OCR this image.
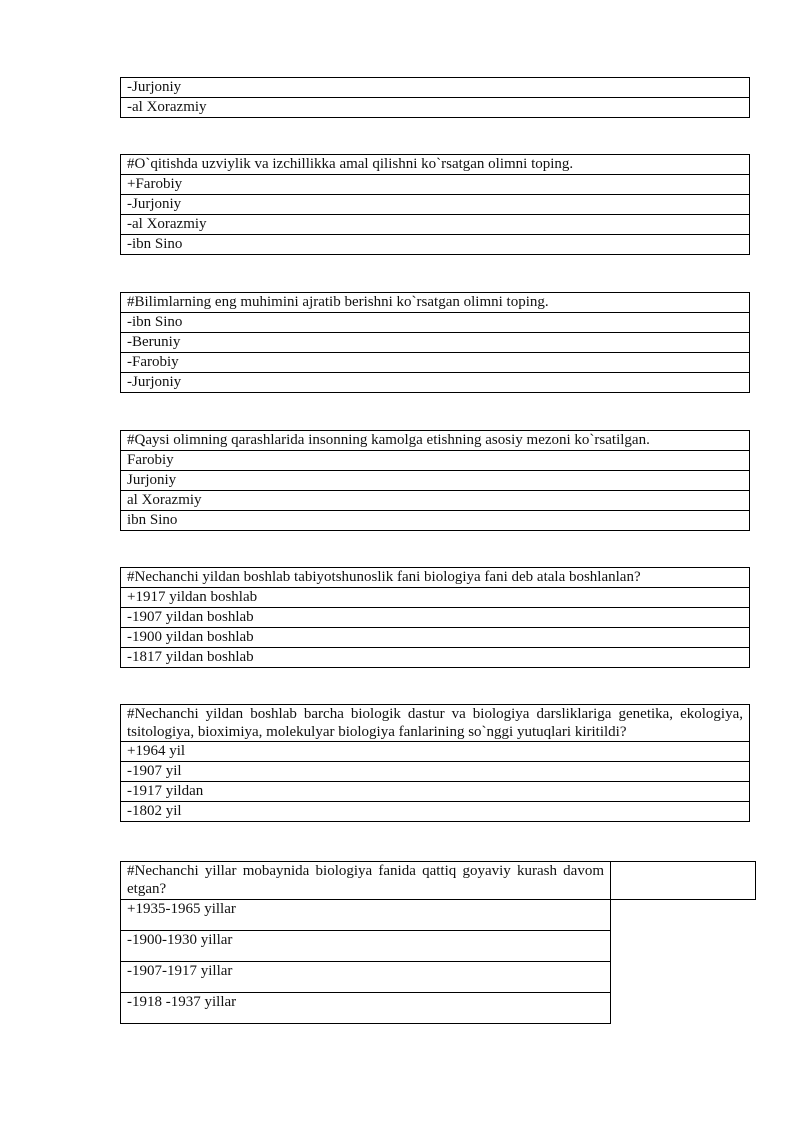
-Jurjoniy
-al Xorazmiy
#O`qitishda uzviylik va izchillikka amal qilishni ko`rsatgan olimni toping.
+Farobiy
-Jurjoniy
-al Xorazmiy
-ibn Sino
#Bilimlarning eng muhimini ajratib berishni ko`rsatgan olimni toping.
-ibn Sino
-Beruniy
-Farobiy
-Jurjoniy
#Qaysi olimning qarashlarida insonning kamolga etishning asosiy mezoni ko`rsatilgan.
Farobiy
Jurjoniy
al Xorazmiy
ibn Sino
#Nechanchi yildan boshlab tabiyotshunoslik fani biologiya fani deb atala boshlanlan?
+1917 yildan boshlab
-1907 yildan boshlab
-1900 yildan boshlab
-1817 yildan boshlab
#Nechanchi yildan boshlab barcha biologik dastur va biologiya darsliklariga genetika, ekologiya, tsitologiya, bioximiya, molekulyar biologiya fanlarining so`nggi yutuqlari kiritildi?
+1964 yil
-1907 yil
-1917 yildan
-1802 yil
#Nechanchi yillar mobaynida biologiya fanida qattiq goyaviy kurash davom etgan?	
+1935-1965 yillar	
-1900-1930 yillar	
-1907-1917 yillar	
-1918 -1937 yillar	
